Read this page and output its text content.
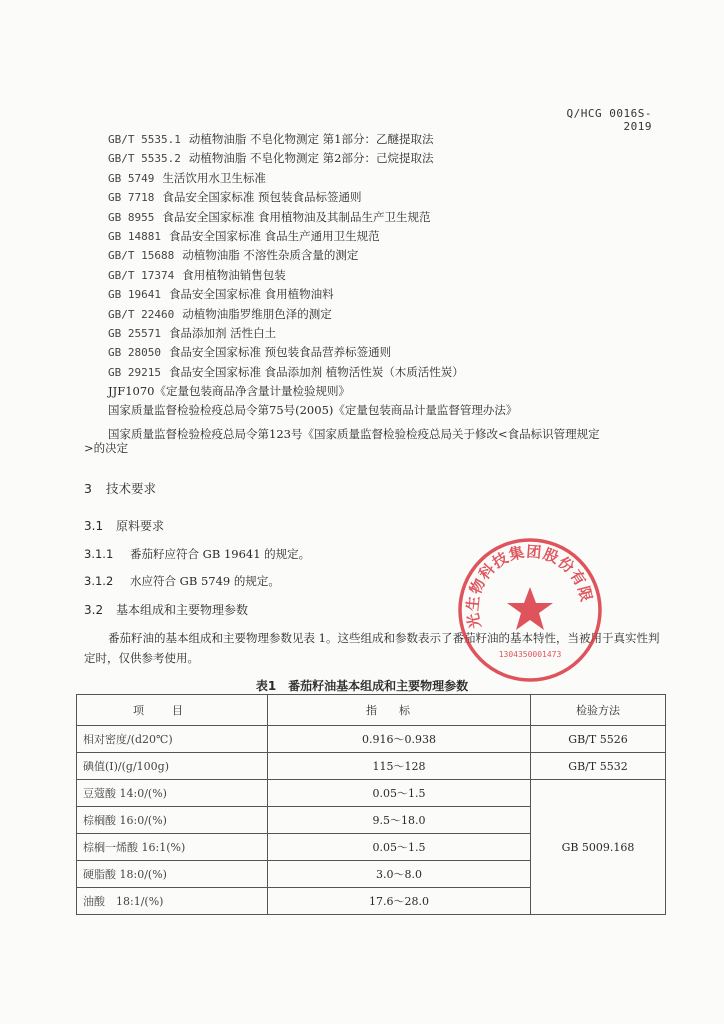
Q/HCG 0016S-2019
GB/T 5535.1 动植物油脂 不皂化物测定 第1部分：乙醚提取法
GB/T 5535.2 动植物油脂 不皂化物测定 第2部分：己烷提取法
GB 5749 生活饮用水卫生标准
GB 7718 食品安全国家标准 预包装食品标签通则
GB 8955 食品安全国家标准 食用植物油及其制品生产卫生规范
GB 14881 食品安全国家标准 食品生产通用卫生规范
GB/T 15688 动植物油脂 不溶性杂质含量的测定
GB/T 17374 食用植物油销售包装
GB 19641 食品安全国家标准 食用植物油料
GB/T 22460 动植物油脂罗维朋色泽的测定
GB 25571 食品添加剂 活性白土
GB 28050 食品安全国家标准 预包装食品营养标签通则
GB 29215 食品安全国家标准 食品添加剂 植物活性炭（木质活性炭）
JJF1070《定量包装商品净含量计量检验规则》
国家质量监督检验检疫总局令第75号(2005)《定量包装商品计量监督管理办法》
国家质量监督检验检疫总局令第123号《国家质量监督检验检疫总局关于修改<食品标识管理规定
>的决定
3 技术要求
3.1 原料要求
3.1.1 番茄籽应符合 GB 19641 的规定。
3.1.2 水应符合 GB 5749 的规定。
3.2 基本组成和主要物理参数
番茄籽油的基本组成和主要物理参数见表 1。这些组成和参数表示了番茄籽油的基本特性，当被用于真实性判定时，仅供参考使用。
表1　番茄籽油基本组成和主要物理参数
项目	指标	检验方法
相对密度/(d20℃)	0.916～0.938	GB/T 5526
碘值(I)/(g/100g)	115～128	GB/T 5532
豆蔻酸 14:0/(%)	0.05～1.5	GB 5009.168
棕榈酸 16:0/(%)	9.5～18.0	
棕榈一烯酸 16:1(%)	0.05～1.5	
硬脂酸 18:0/(%)	3.0～8.0	
油酸　18:1/(%)	17.6～28.0	
光生物科技集团股份有限
1304350001473
